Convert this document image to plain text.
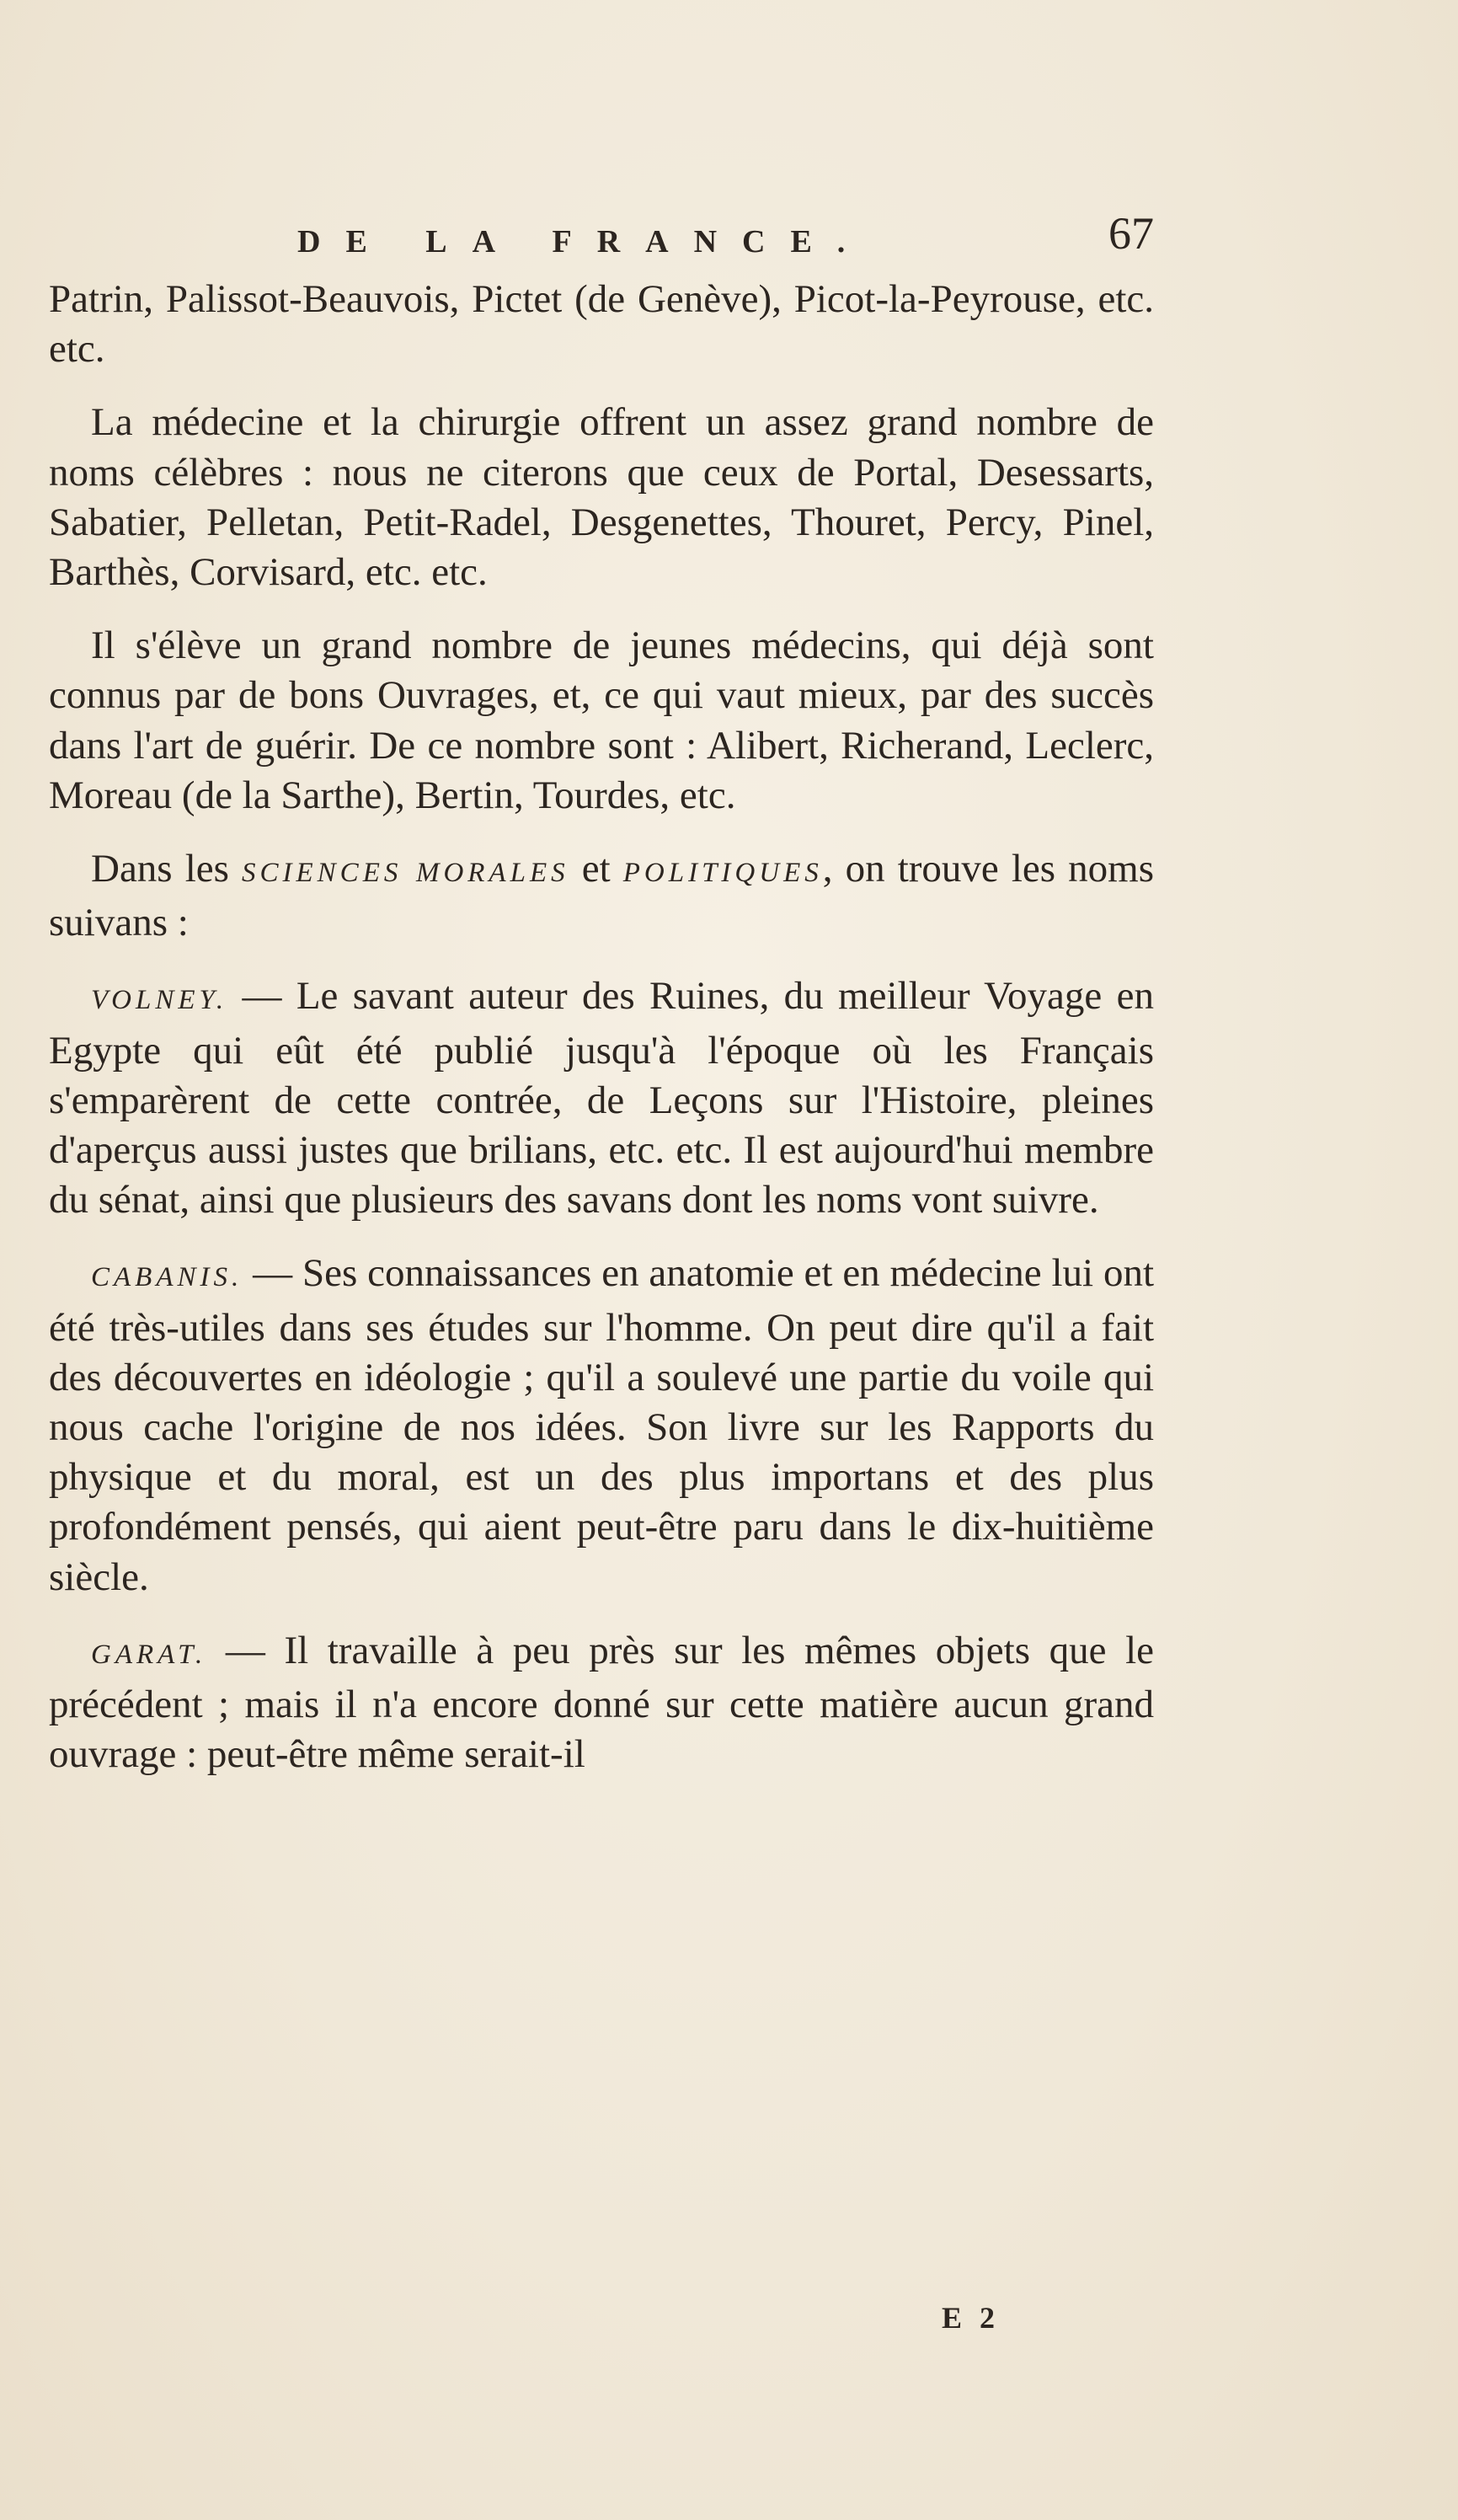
DE LA FRANCE.	67

Patrin, Palissot-Beauvois, Pictet (de Genève), Picot-la-Peyrouse, etc. etc.

La médecine et la chirurgie offrent un assez grand nombre de noms célèbres : nous ne citerons que ceux de Portal, Desessarts, Sabatier, Pelletan, Petit-Radel, Desgenettes, Thouret, Percy, Pinel, Barthès, Corvisard, etc. etc.

Il s'élève un grand nombre de jeunes médecins, qui déjà sont connus par de bons Ouvrages, et, ce qui vaut mieux, par des succès dans l'art de guérir. De ce nombre sont : Alibert, Richerand, Leclerc, Moreau (de la Sarthe), Bertin, Tourdes, etc.

Dans les SCIENCES MORALES et POLITIQUES, on trouve les noms suivans :

VOLNEY. — Le savant auteur des Ruines, du meilleur Voyage en Egypte qui eût été publié jusqu'à l'époque où les Français s'emparèrent de cette contrée, de Leçons sur l'Histoire, pleines d'aperçus aussi justes que brilians, etc. etc. Il est aujourd'hui membre du sénat, ainsi que plusieurs des savans dont les noms vont suivre.

CABANIS. — Ses connaissances en anatomie et en médecine lui ont été très-utiles dans ses études sur l'homme. On peut dire qu'il a fait des découvertes en idéologie ; qu'il a soulevé une partie du voile qui nous cache l'origine de nos idées. Son livre sur les Rapports du physique et du moral, est un des plus importans et des plus profondément pensés, qui aient peut-être paru dans le dix-huitième siècle.

GARAT. — Il travaille à peu près sur les mêmes objets que le précédent ; mais il n'a encore donné sur cette matière aucun grand ouvrage : peut-être même serait-il

E 2
